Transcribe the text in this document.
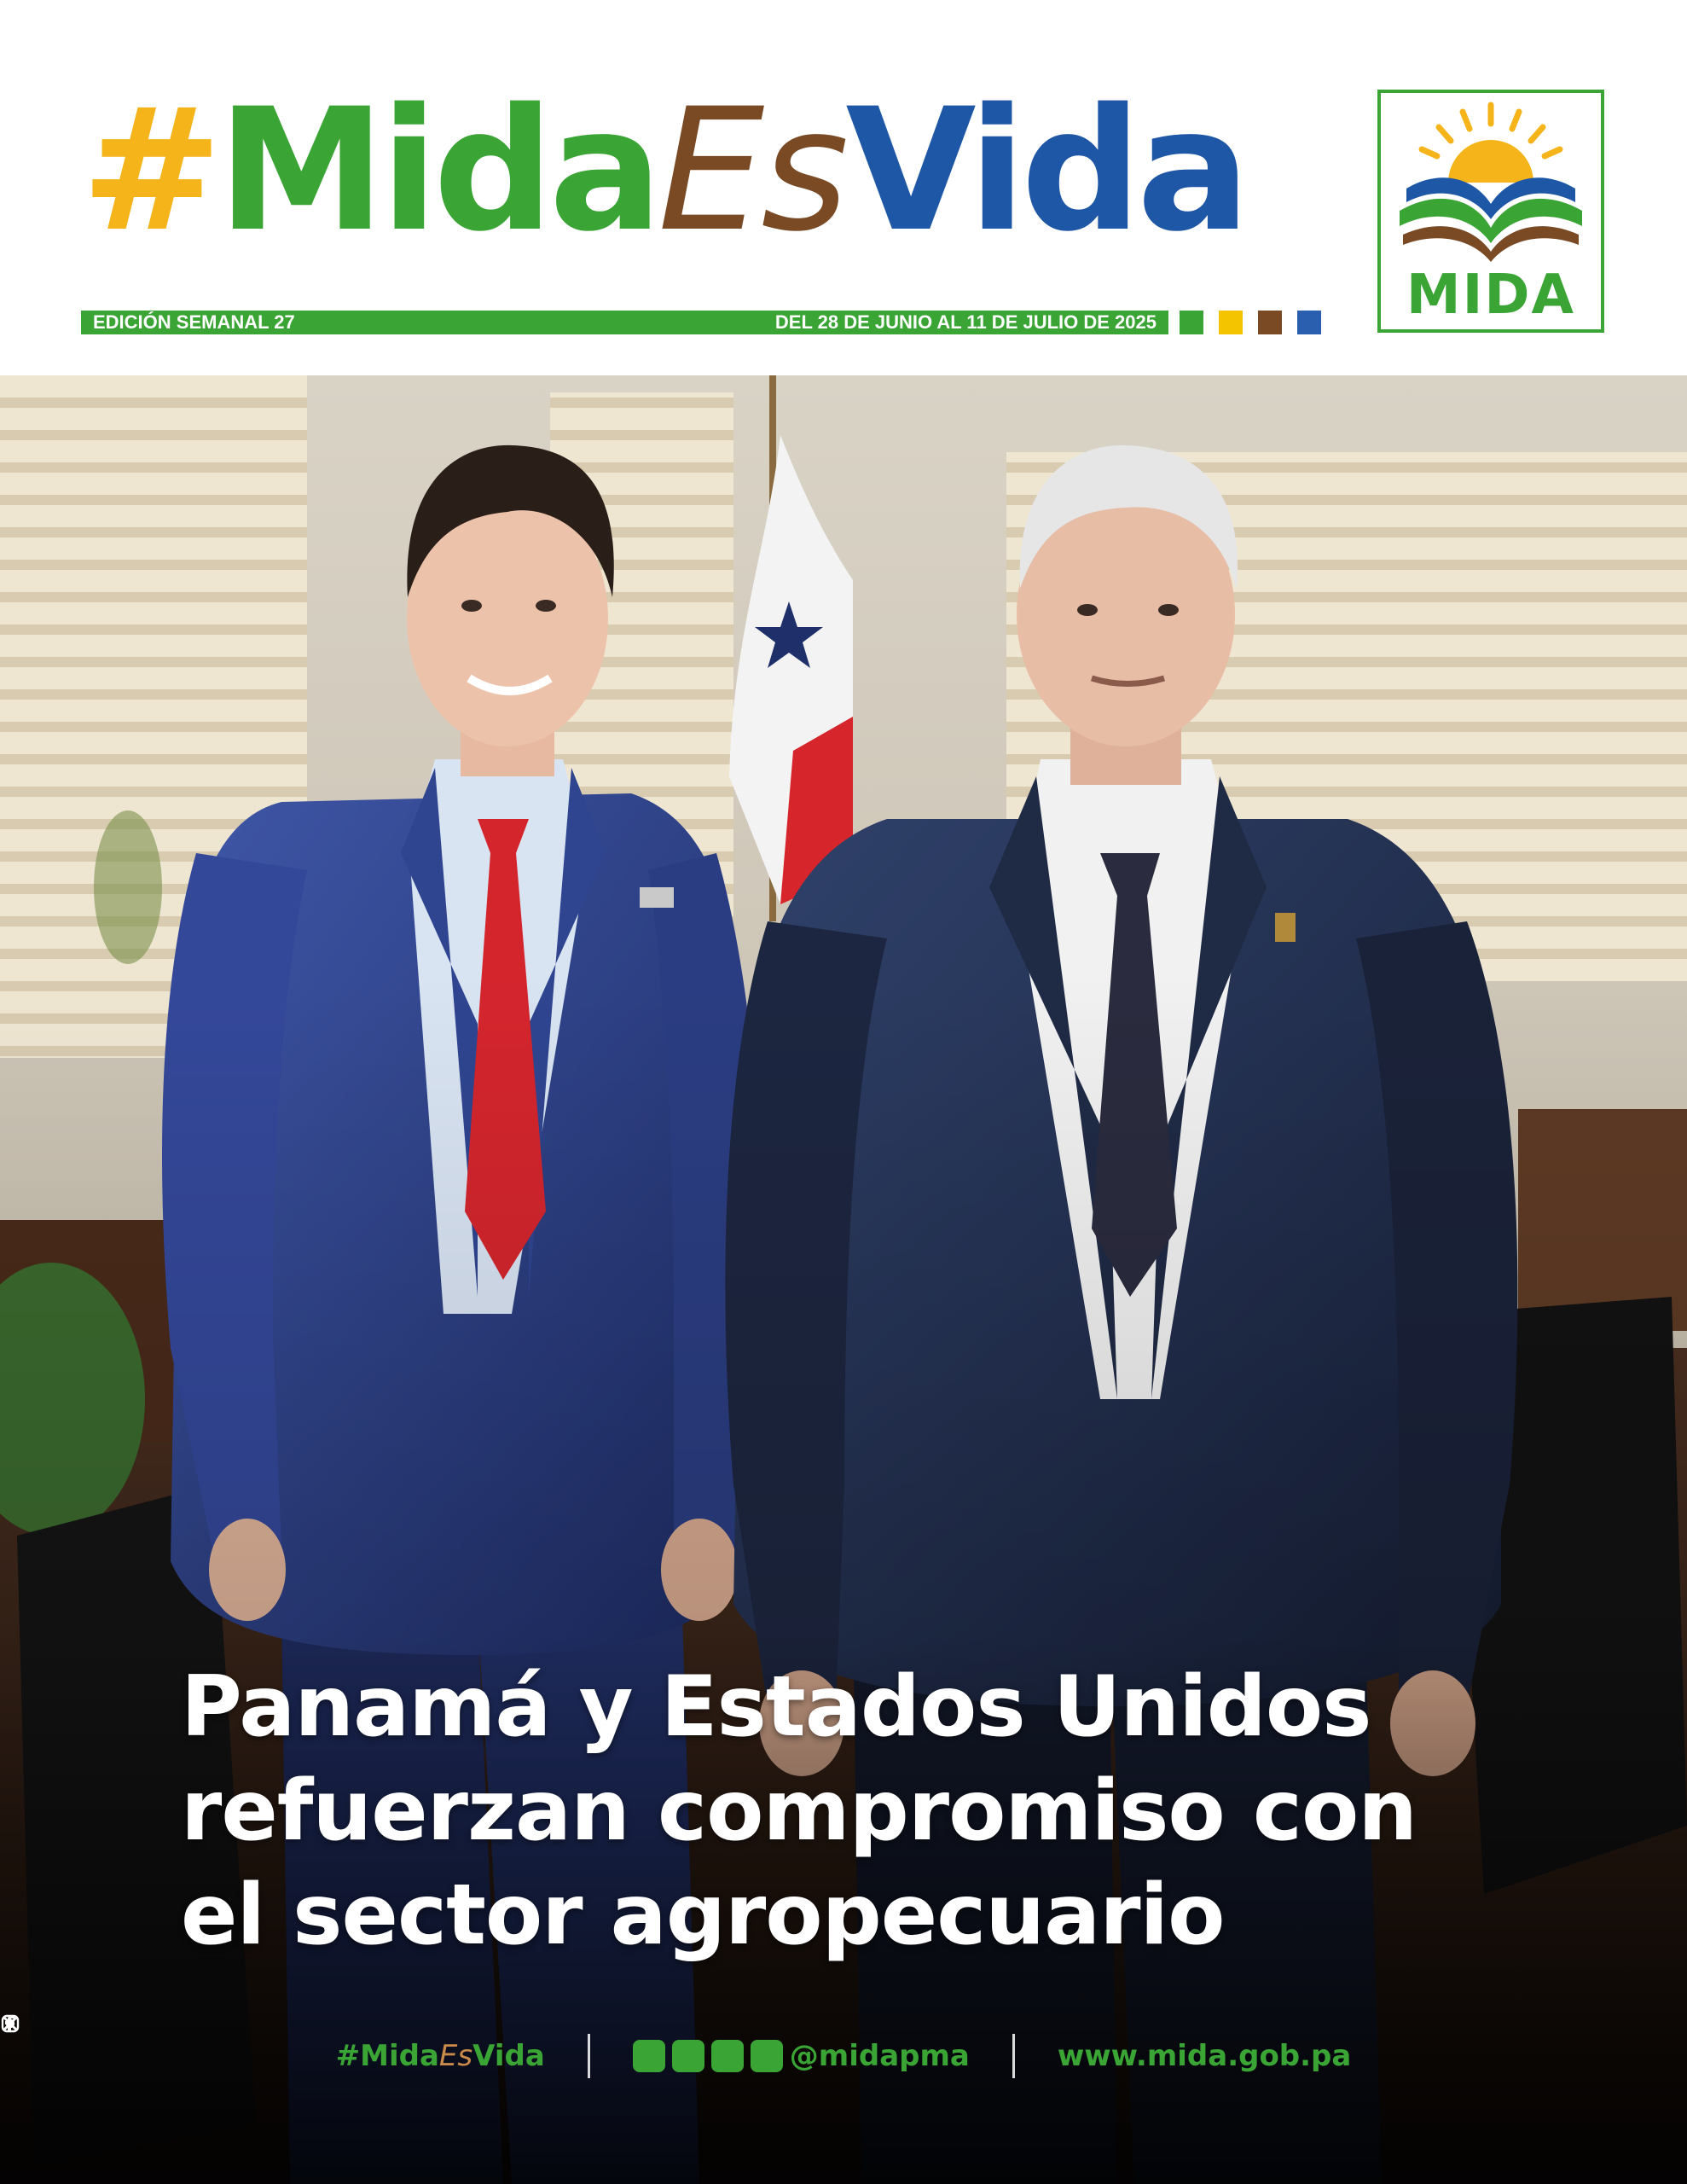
#MidaEsVida
EDICIÓN SEMANAL 27	DEL 28 DE JUNIO AL 11 DE JULIO DE 2025	MIDA
Panamá y Estados Unidos
refuerzan compromiso con
el sector agropecuario
#MidaEsVida	@midapma	www.mida.gob.pa
